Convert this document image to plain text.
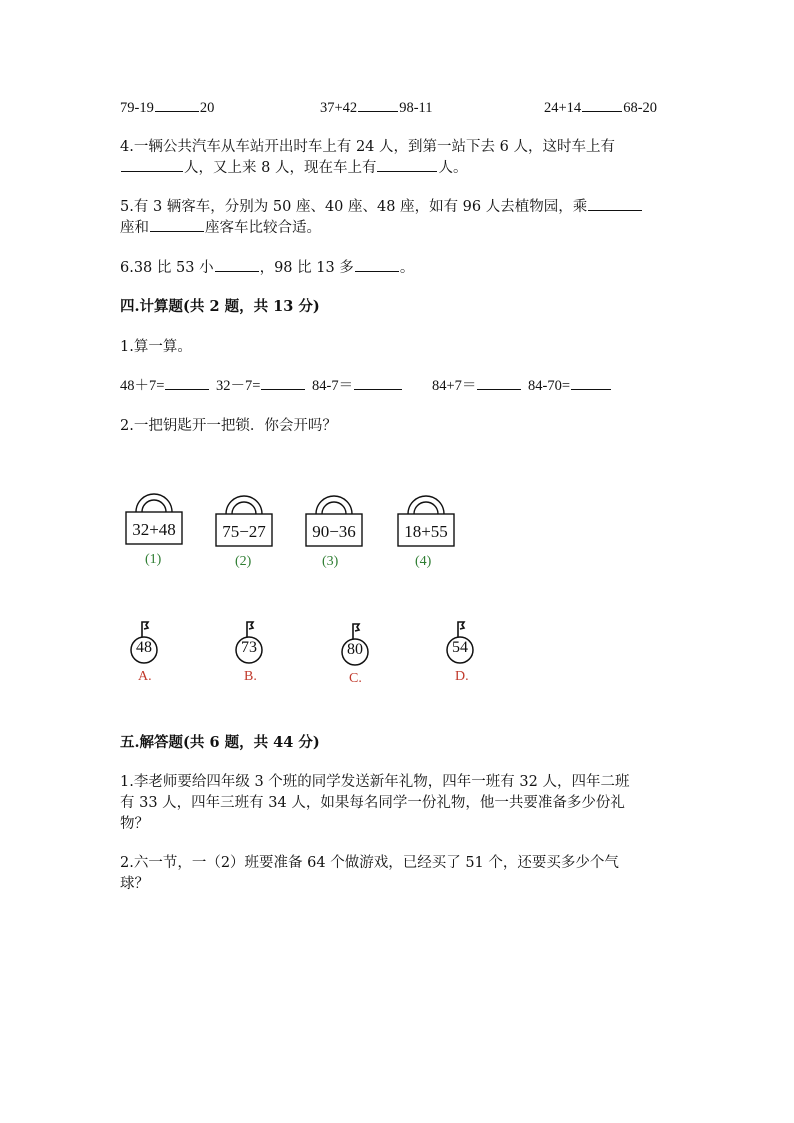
79-19	20	37+42	98-11	24+14	68-20
4.一辆公共汽车从车站开出时车上有 24 人，到第一站下去 6 人，这时车上有
人，又上来 8 人，现在车上有	人。
5.有 3 辆客车，分别为 50 座、40 座、48 座，如有 96 人去植物园，乘
座和	座客车比较合适。
6.38 比 53 小	，98 比 13 多	。
四.计算题(共 2 题，共 13 分)
1.算一算。
48＋7=	32－7=	84-7＝	84+7＝	84-70=
2.一把钥匙开一把锁．你会开吗？
32+48
(1)
75−27
(2)
90−36
(3)
18+55
(4)
48
A.
73
B.
80
C.
54
D.
五.解答题(共 6 题，共 44 分)
1.李老师要给四年级 3 个班的同学发送新年礼物，四年一班有 32 人，四年二班
有 33 人，四年三班有 34 人，如果每名同学一份礼物，他一共要准备多少份礼
物？
2.六一节，一（2）班要准备 64 个做游戏，已经买了 51 个，还要买多少个气
球？
